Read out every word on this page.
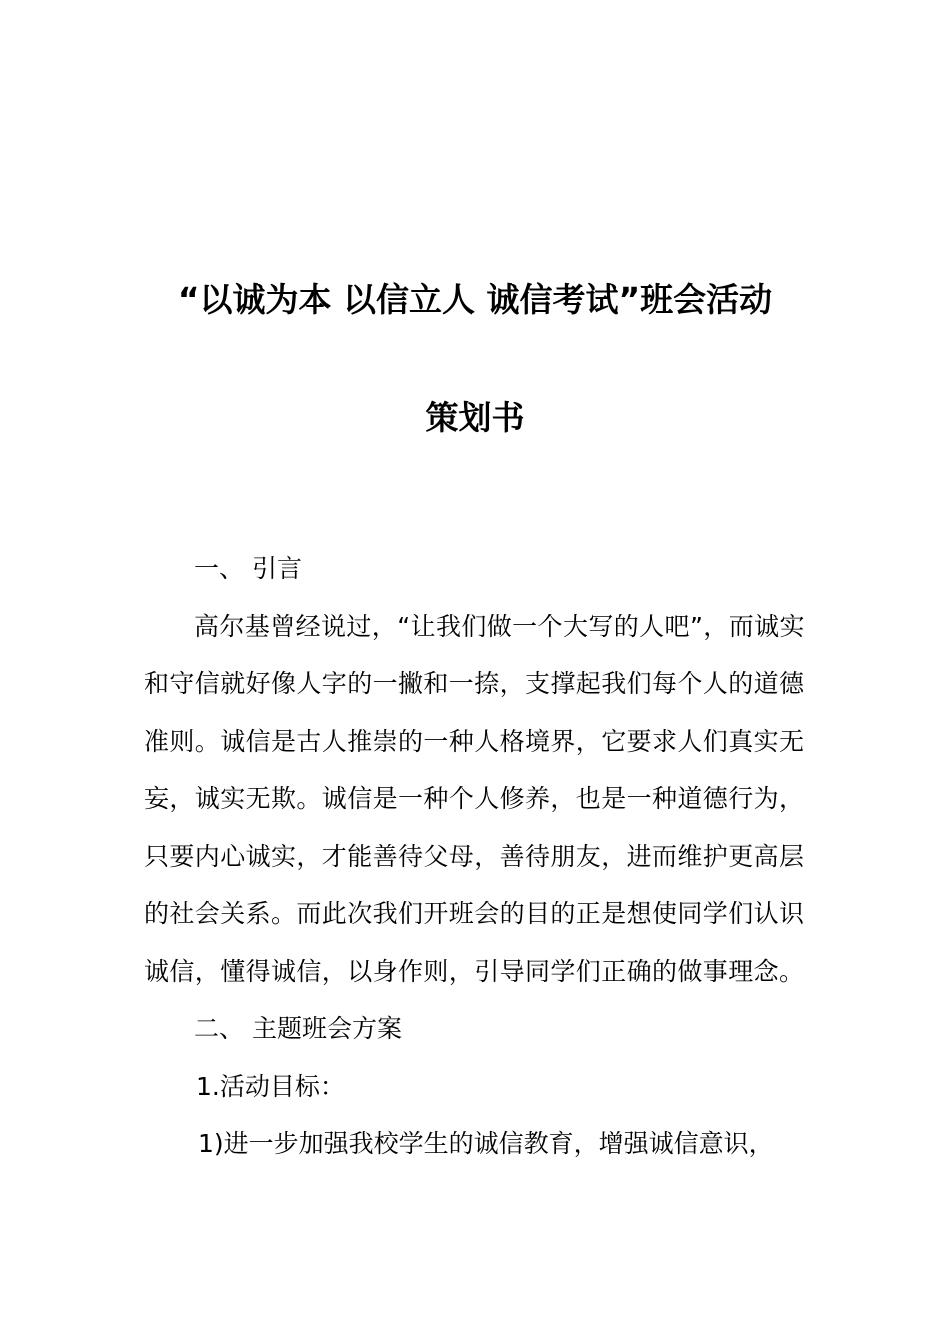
“以诚为本 以信立人 诚信考试”班会活动
策划书
一、 引言
高尔基曾经说过，“让我们做一个大写的人吧”，而诚实和守信就好像人字的一撇和一捺，支撑起我们每个人的道德准则。诚信是古人推崇的一种人格境界，它要求人们真实无妄，诚实无欺。诚信是一种个人修养，也是一种道德行为，只要内心诚实，才能善待父母，善待朋友，进而维护更高层的社会关系。而此次我们开班会的目的正是想使同学们认识诚信，懂得诚信，以身作则，引导同学们正确的做事理念。
二、 主题班会方案
1.活动目标：
1)进一步加强我校学生的诚信教育，增强诚信意识，
